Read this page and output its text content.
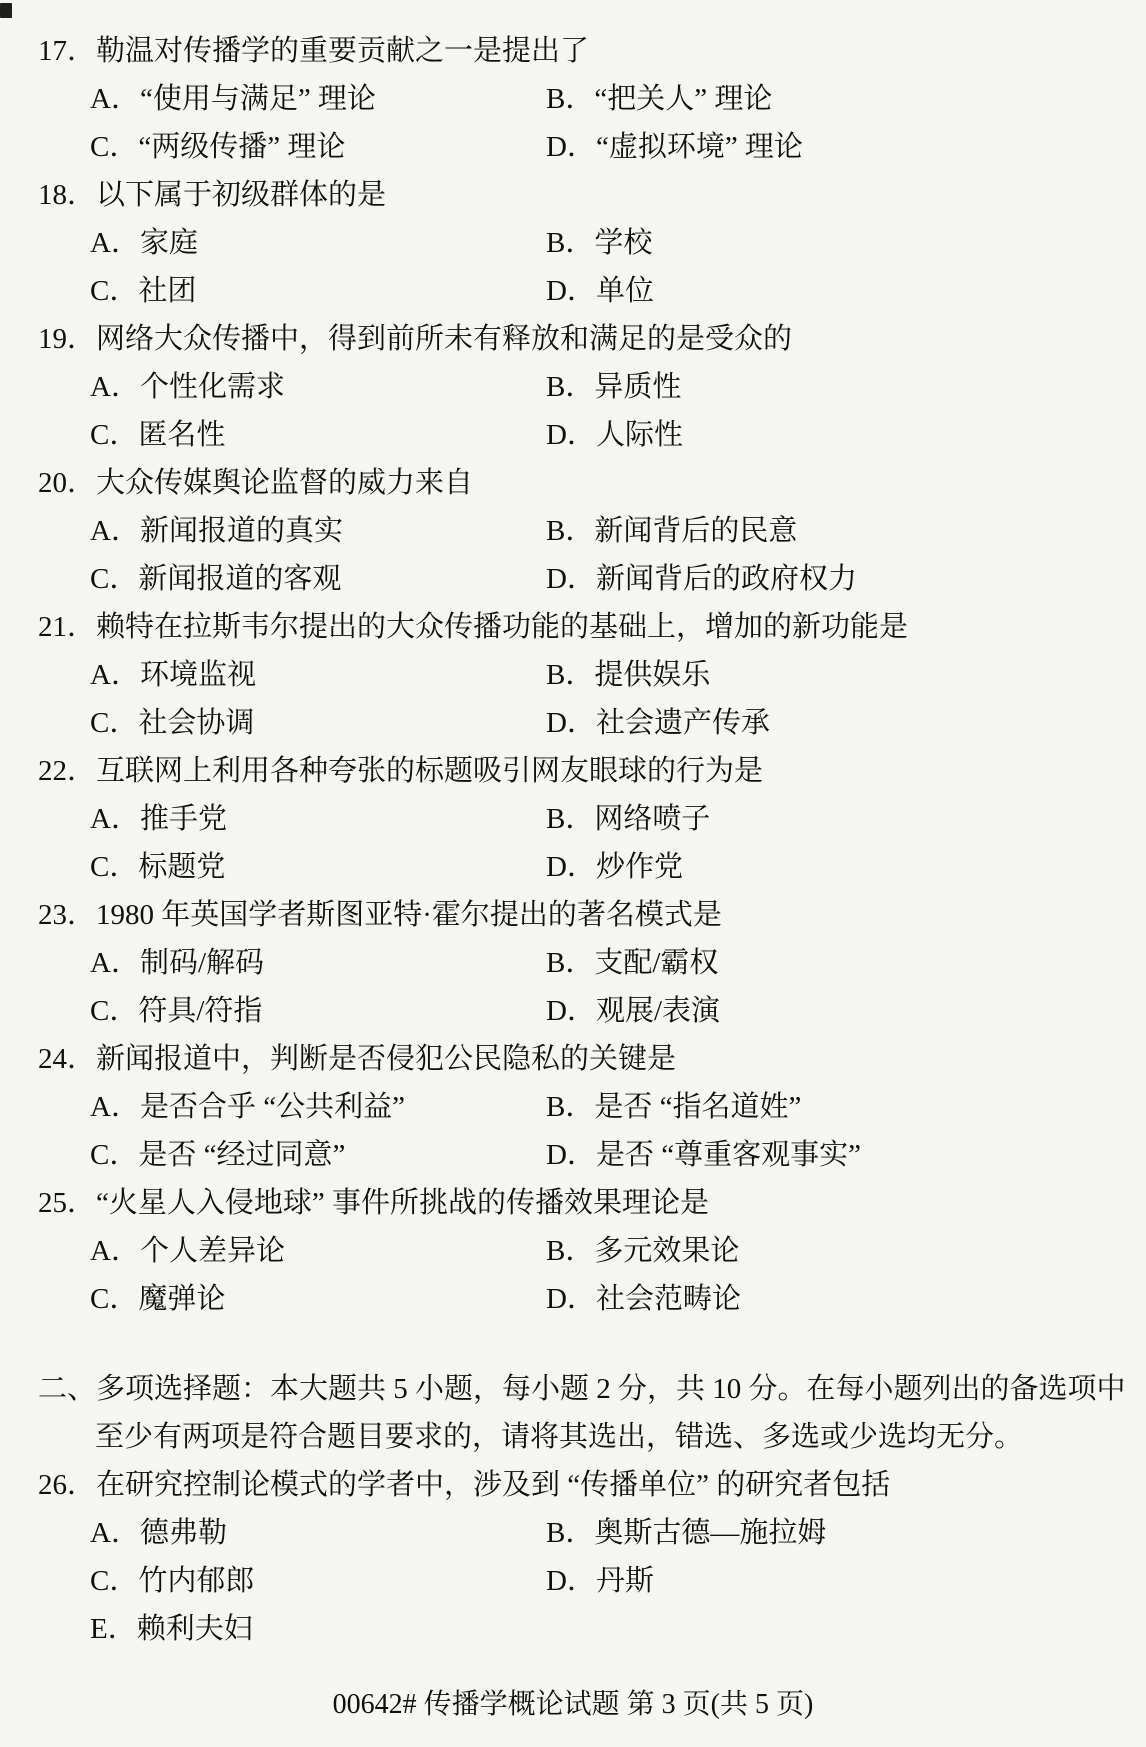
17．勒温对传播学的重要贡献之一是提出了
A．“使用与满足” 理论	B．“把关人” 理论
C．“两级传播” 理论	D．“虚拟环境” 理论
18．以下属于初级群体的是
A．家庭	B．学校
C．社团	D．单位
19．网络大众传播中，得到前所未有释放和满足的是受众的
A．个性化需求	B．异质性
C．匿名性	D．人际性
20．大众传媒舆论监督的威力来自
A．新闻报道的真实	B．新闻背后的民意
C．新闻报道的客观	D．新闻背后的政府权力
21．赖特在拉斯韦尔提出的大众传播功能的基础上，增加的新功能是
A．环境监视	B．提供娱乐
C．社会协调	D．社会遗产传承
22．互联网上利用各种夸张的标题吸引网友眼球的行为是
A．推手党	B．网络喷子
C．标题党	D．炒作党
23．1980 年英国学者斯图亚特·霍尔提出的著名模式是
A．制码/解码	B．支配/霸权
C．符具/符指	D．观展/表演
24．新闻报道中，判断是否侵犯公民隐私的关键是
A．是否合乎 “公共利益”	B．是否 “指名道姓”
C．是否 “经过同意”	D．是否 “尊重客观事实”
25．“火星人入侵地球” 事件所挑战的传播效果理论是
A．个人差异论	B．多元效果论
C．魔弹论	D．社会范畴论
二、多项选择题：本大题共 5 小题，每小题 2 分，共 10 分。在每小题列出的备选项中
至少有两项是符合题目要求的，请将其选出，错选、多选或少选均无分。
26．在研究控制论模式的学者中，涉及到 “传播单位” 的研究者包括
A．德弗勒	B．奥斯古德—施拉姆
C．竹内郁郎	D．丹斯
E．赖利夫妇
00642# 传播学概论试题 第 3 页(共 5 页)
